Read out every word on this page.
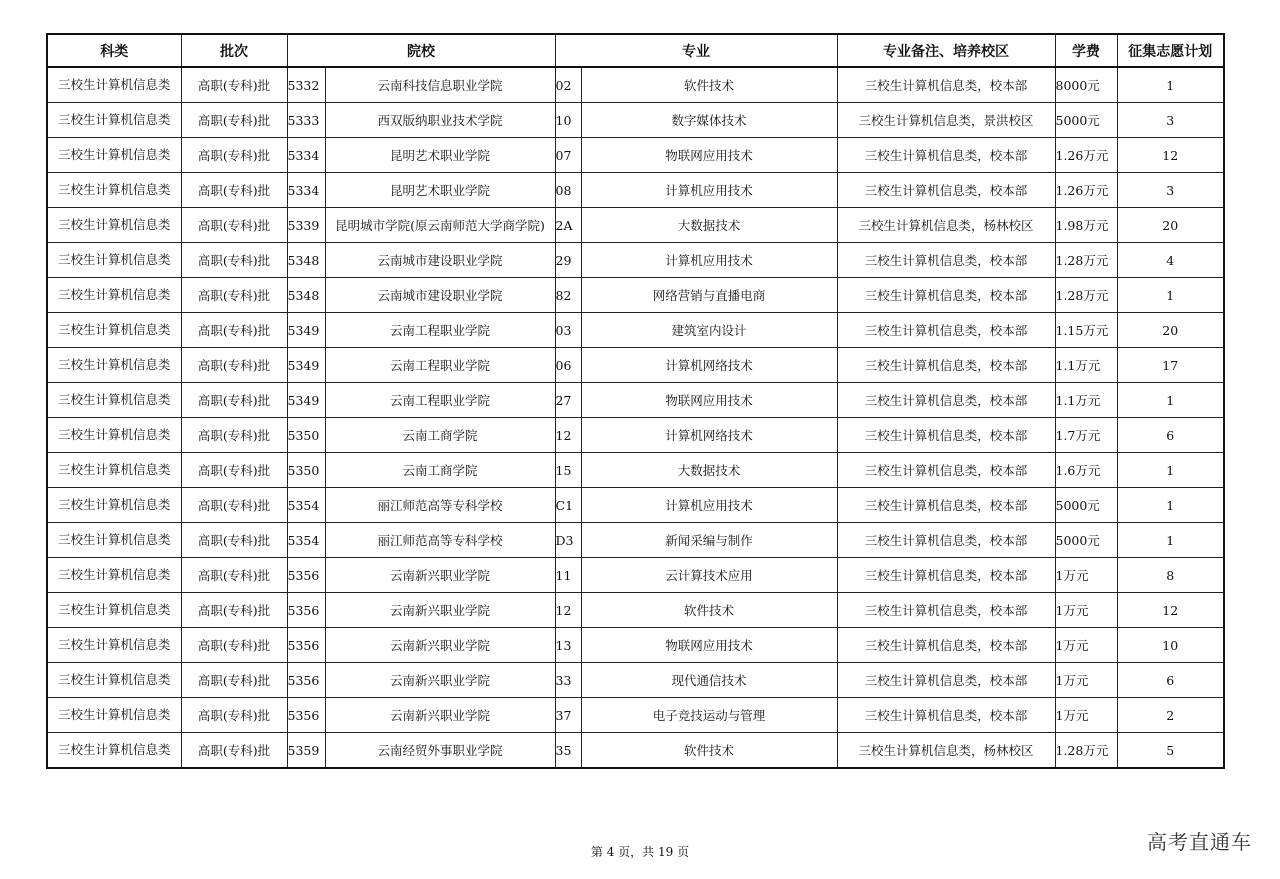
科类	批次	院校		专业		专业备注、培养校区	学费	征集志愿计划
三校生计算机信息类	高职(专科)批	5332	云南科技信息职业学院	02	软件技术	三校生计算机信息类，校本部	8000元	1
三校生计算机信息类	高职(专科)批	5333	西双版纳职业技术学院	10	数字媒体技术	三校生计算机信息类，景洪校区	5000元	3
三校生计算机信息类	高职(专科)批	5334	昆明艺术职业学院	07	物联网应用技术	三校生计算机信息类，校本部	1.26万元	12
三校生计算机信息类	高职(专科)批	5334	昆明艺术职业学院	08	计算机应用技术	三校生计算机信息类，校本部	1.26万元	3
三校生计算机信息类	高职(专科)批	5339	昆明城市学院(原云南师范大学商学院)	2A	大数据技术	三校生计算机信息类，杨林校区	1.98万元	20
三校生计算机信息类	高职(专科)批	5348	云南城市建设职业学院	29	计算机应用技术	三校生计算机信息类，校本部	1.28万元	4
三校生计算机信息类	高职(专科)批	5348	云南城市建设职业学院	82	网络营销与直播电商	三校生计算机信息类，校本部	1.28万元	1
三校生计算机信息类	高职(专科)批	5349	云南工程职业学院	03	建筑室内设计	三校生计算机信息类，校本部	1.15万元	20
三校生计算机信息类	高职(专科)批	5349	云南工程职业学院	06	计算机网络技术	三校生计算机信息类，校本部	1.1万元	17
三校生计算机信息类	高职(专科)批	5349	云南工程职业学院	27	物联网应用技术	三校生计算机信息类，校本部	1.1万元	1
三校生计算机信息类	高职(专科)批	5350	云南工商学院	12	计算机网络技术	三校生计算机信息类，校本部	1.7万元	6
三校生计算机信息类	高职(专科)批	5350	云南工商学院	15	大数据技术	三校生计算机信息类，校本部	1.6万元	1
三校生计算机信息类	高职(专科)批	5354	丽江师范高等专科学校	C1	计算机应用技术	三校生计算机信息类，校本部	5000元	1
三校生计算机信息类	高职(专科)批	5354	丽江师范高等专科学校	D3	新闻采编与制作	三校生计算机信息类，校本部	5000元	1
三校生计算机信息类	高职(专科)批	5356	云南新兴职业学院	11	云计算技术应用	三校生计算机信息类，校本部	1万元	8
三校生计算机信息类	高职(专科)批	5356	云南新兴职业学院	12	软件技术	三校生计算机信息类，校本部	1万元	12
三校生计算机信息类	高职(专科)批	5356	云南新兴职业学院	13	物联网应用技术	三校生计算机信息类，校本部	1万元	10
三校生计算机信息类	高职(专科)批	5356	云南新兴职业学院	33	现代通信技术	三校生计算机信息类，校本部	1万元	6
三校生计算机信息类	高职(专科)批	5356	云南新兴职业学院	37	电子竞技运动与管理	三校生计算机信息类，校本部	1万元	2
三校生计算机信息类	高职(专科)批	5359	云南经贸外事职业学院	35	软件技术	三校生计算机信息类，杨林校区	1.28万元	5
第 4 页，共 19 页	高考直通车
